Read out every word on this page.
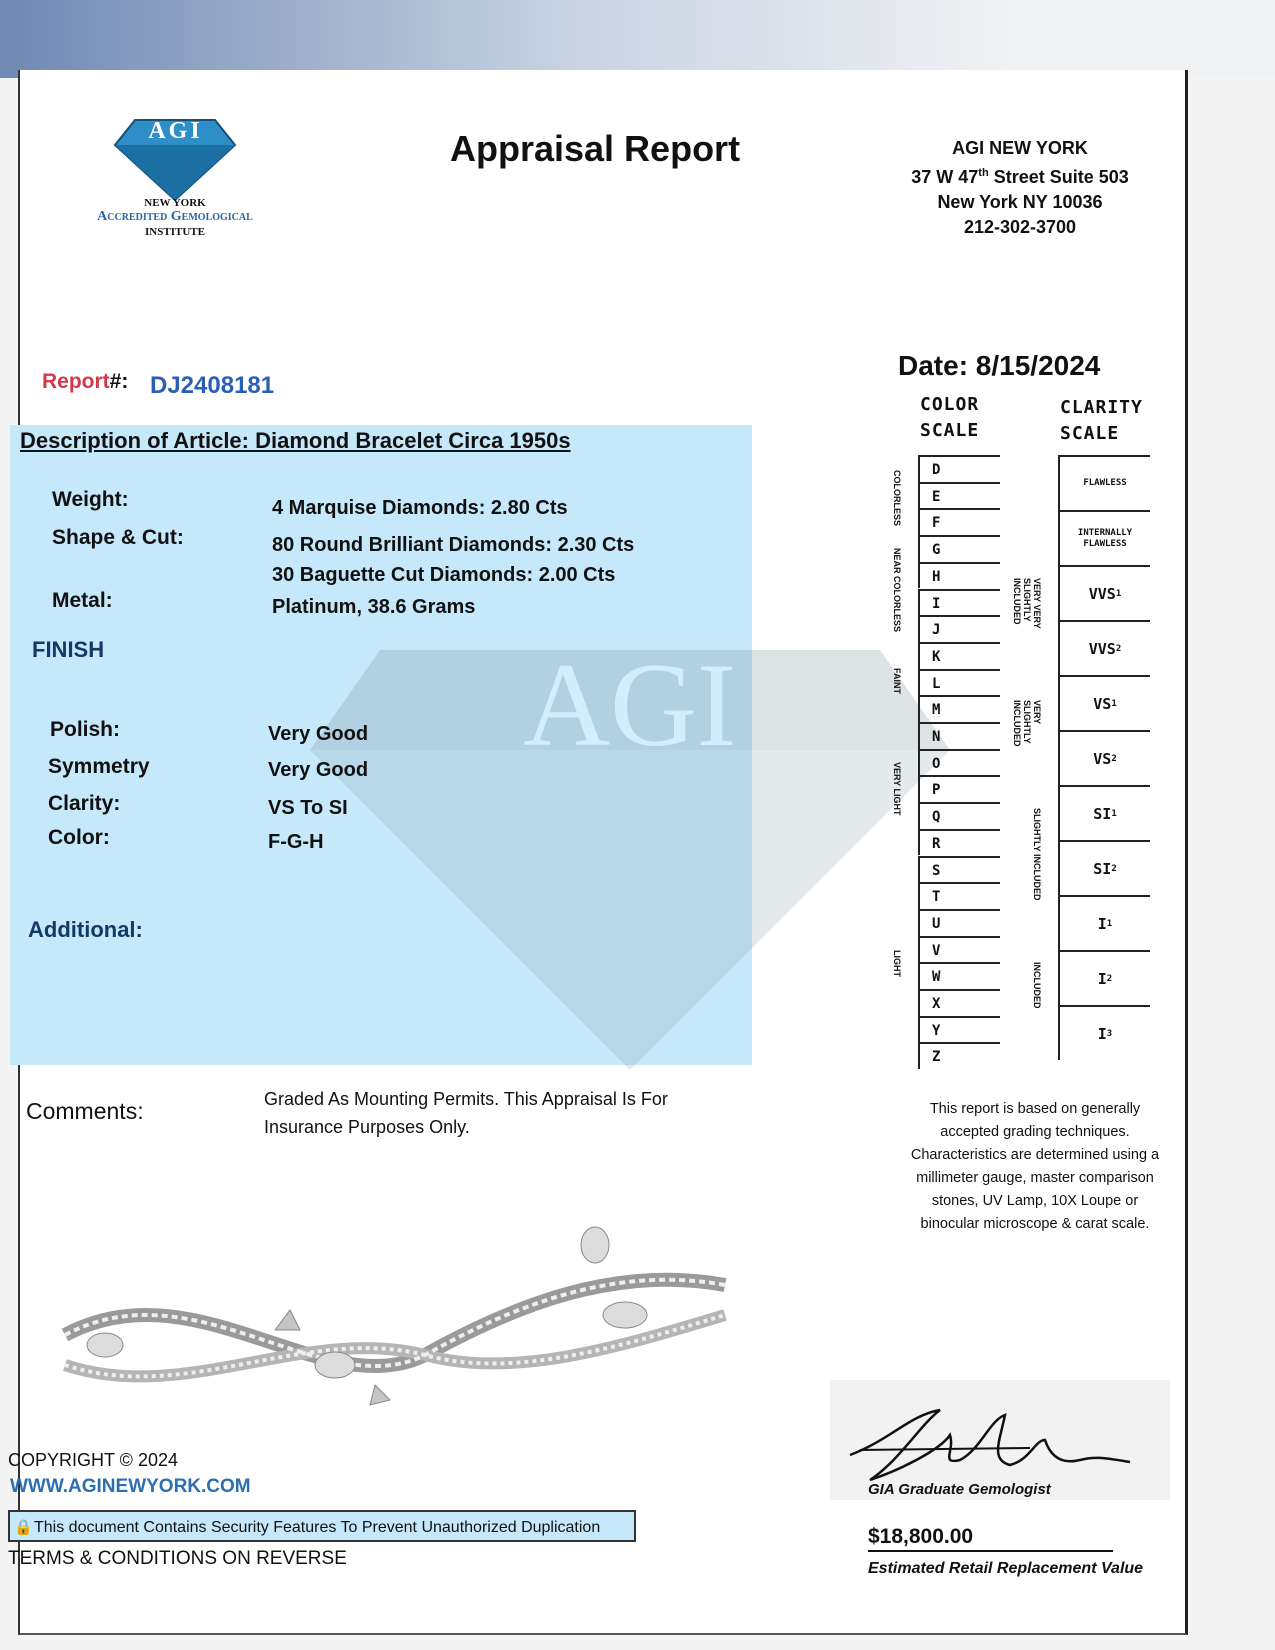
AGI
AGI
NEW YORK
Accredited Gemological
INSTITUTE
Appraisal Report	AGI NEW YORK
37 W 47th Street Suite 503
New York NY 10036
212-302-3700
Date: 8/15/2024
Report#: DJ2408181
Description of Article: Diamond Bracelet Circa 1950s
Weight:	4 Marquise Diamonds: 2.80 Cts
Shape & Cut:	80 Round Brilliant Diamonds: 2.30 Cts
30 Baguette Cut Diamonds: 2.00 Cts
Metal:	Platinum, 38.6 Grams
FINISH
Polish:	Very Good
Symmetry	Very Good
Clarity:	VS To SI
Color:	F-G-H
Additional:
Comments:	Graded As Mounting Permits. This Appraisal Is For Insurance Purposes Only.
COLOR
SCALE
D
E
F
G
H
I
J
K
L
M
N
O
P
Q
R
S
T
U
V
W
X
Y
Z
COLORLESS
NEAR COLORLESS
FAINT
VERY LIGHT
LIGHT
CLARITY
SCALE
FLAWLESS
INTERNALLY FLAWLESS
VVS 1
VVS 2
VS 1
VS 2
SI 1
SI 2
I 1
I 2
I 3
VERY VERY SLIGHTLY INCLUDED
VERY SLIGHTLY INCLUDED
SLIGHTLY INCLUDED
INCLUDED
This report is based on generally accepted grading techniques. Characteristics are determined using a millimeter gauge, master comparison stones, UV Lamp, 10X Loupe or binocular microscope & carat scale.
GIA Graduate Gemologist
$18,800.00
Estimated Retail Replacement Value
COPYRIGHT © 2024
WWW.AGINEWYORK.COM
🔒 This document Contains Security Features To Prevent Unauthorized Duplication
TERMS & CONDITIONS ON REVERSE
